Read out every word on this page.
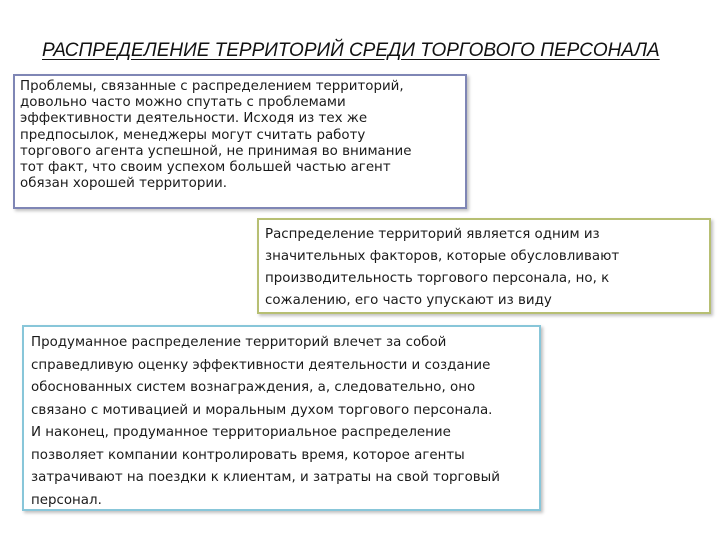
РАСПРЕДЕЛЕНИЕ ТЕРРИТОРИЙ СРЕДИ ТОРГОВОГО ПЕРСОНАЛА

Проблемы, связанные с распределением территорий,
довольно часто можно спутать с проблемами
эффективности деятельности. Исходя из тех же
предпосылок, менеджеры могут считать работу
торгового агента успешной, не принимая во внимание
тот факт, что своим успехом большей частью агент
обязан хорошей территории.

Распределение территорий является одним из
значительных факторов, которые обусловливают
производительность торгового персонала, но, к
сожалению, его часто упускают из виду

Продуманное распределение территорий влечет за собой
справедливую оценку эффективности деятельности и создание
обоснованных систем вознаграждения, а, следовательно, оно
связано с мотивацией и моральным духом торгового персонала.
И наконец, продуманное территориальное распределение
позволяет компании контролировать время, которое агенты
затрачивают на поездки к клиентам, и затраты на свой торговый
персонал.
